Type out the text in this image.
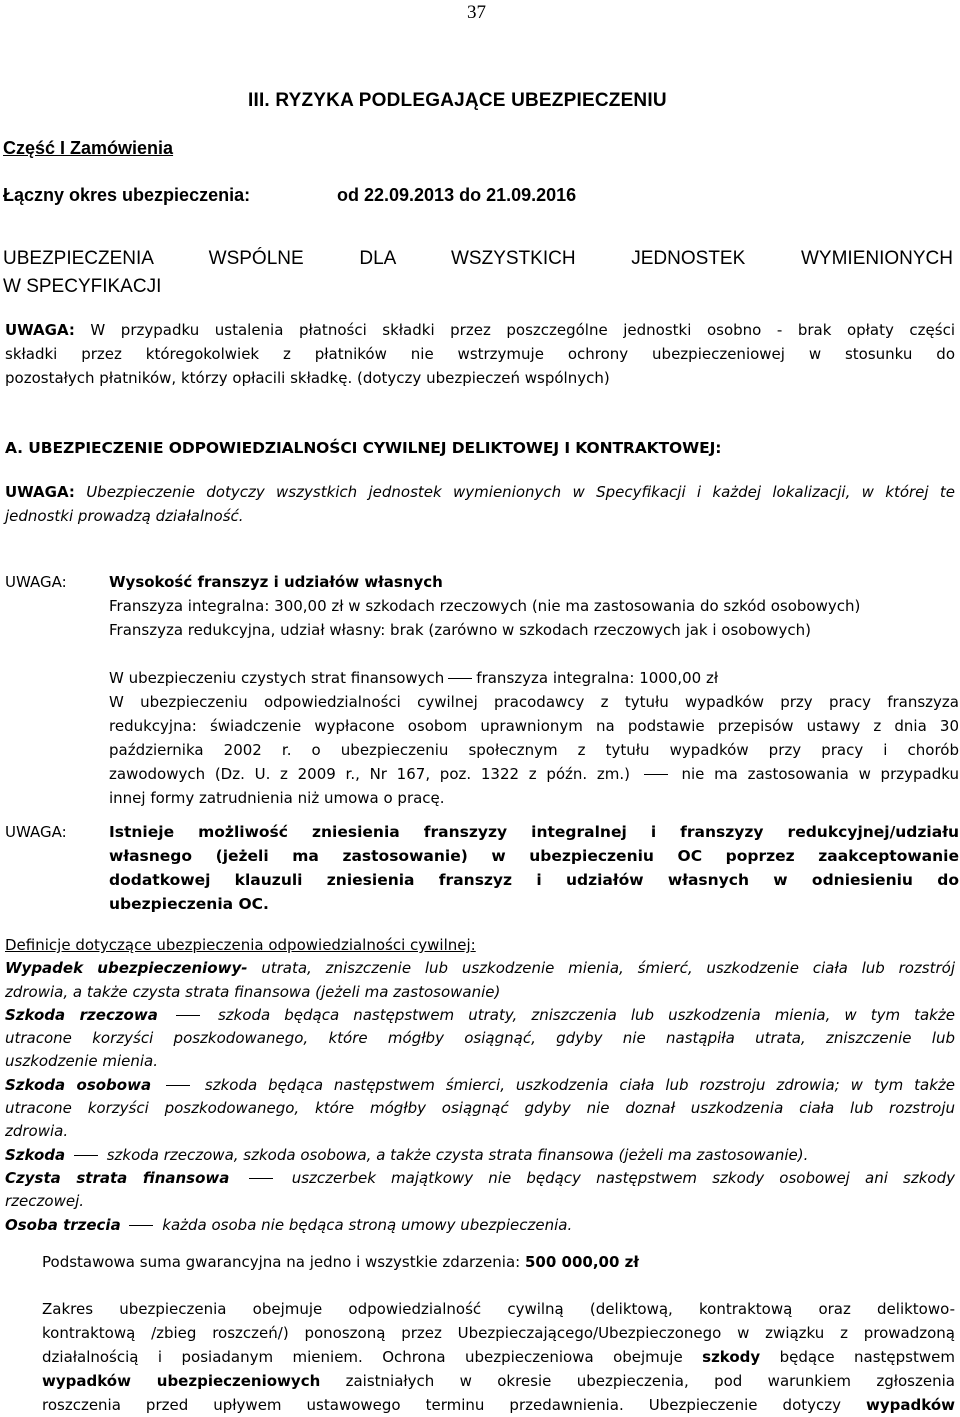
37
III. RYZYKA PODLEGAJĄCE UBEZPIECZENIU
Część I Zamówienia
Łączny okres ubezpieczenia:	od 22.09.2013 do 21.09.2016
UBEZPIECZENIA WSPÓLNE DLA WSZYSTKICH JEDNOSTEK WYMIENIONYCH
W SPECYFIKACJI
UWAGA: W przypadku ustalenia płatności składki przez poszczególne jednostki osobno - brak opłaty części
składki przez któregokolwiek z płatników nie wstrzymuje ochrony ubezpieczeniowej w stosunku do
pozostałych płatników, którzy opłacili składkę. (dotyczy ubezpieczeń wspólnych)
A. UBEZPIECZENIE ODPOWIEDZIALNOŚCI CYWILNEJ DELIKTOWEJ I KONTRAKTOWEJ:
UWAGA: Ubezpieczenie dotyczy wszystkich jednostek wymienionych w Specyfikacji i każdej lokalizacji, w której te
jednostki prowadzą działalność.
UWAGA:	Wysokość franszyz i udziałów własnych
Franszyza integralna: 300,00 zł w szkodach rzeczowych (nie ma zastosowania do szkód osobowych)
Franszyza redukcyjna, udział własny: brak (zarówno w szkodach rzeczowych jak i osobowych)
W ubezpieczeniu czystych strat finansowych franszyza integralna: 1000,00 zł
W ubezpieczeniu odpowiedzialności cywilnej pracodawcy z tytułu wypadków przy pracy franszyza
redukcyjna: świadczenie wypłacone osobom uprawnionym na podstawie przepisów ustawy z dnia 30
października 2002 r. o ubezpieczeniu społecznym z tytułu wypadków przy pracy i chorób
zawodowych (Dz. U. z 2009 r., Nr 167, poz. 1322 z późn. zm.)	nie ma zastosowania w przypadku
innej formy zatrudnienia niż umowa o pracę.
UWAGA:	Istnieje możliwość zniesienia franszyzy integralnej i franszyzy redukcyjnej/udziału
własnego (jeżeli ma zastosowanie) w ubezpieczeniu OC poprzez zaakceptowanie
dodatkowej klauzuli zniesienia franszyz i udziałów własnych w odniesieniu do
ubezpieczenia OC.
Definicje dotyczące ubezpieczenia odpowiedzialności cywilnej:
Wypadek ubezpieczeniowy- utrata, zniszczenie lub uszkodzenie mienia, śmierć, uszkodzenie ciała lub rozstrój
zdrowia, a także czysta strata finansowa (jeżeli ma zastosowanie)
Szkoda rzeczowa	szkoda będąca następstwem utraty, zniszczenia lub uszkodzenia mienia, w tym także
utracone korzyści poszkodowanego, które mógłby osiągnąć, gdyby nie nastąpiła utrata, zniszczenie lub
uszkodzenie mienia.
Szkoda osobowa	szkoda będąca następstwem śmierci, uszkodzenia ciała lub rozstroju zdrowia; w tym także
utracone korzyści poszkodowanego, które mógłby osiągnąć gdyby nie doznał uszkodzenia ciała lub rozstroju
zdrowia.
Szkoda	szkoda rzeczowa, szkoda osobowa, a także czysta strata finansowa (jeżeli ma zastosowanie).
Czysta strata finansowa	uszczerbek majątkowy nie będący następstwem szkody osobowej ani szkody
rzeczowej.
Osoba trzecia	każda osoba nie będąca stroną umowy ubezpieczenia.
Podstawowa suma gwarancyjna na jedno i wszystkie zdarzenia: 500 000,00 zł
Zakres ubezpieczenia obejmuje odpowiedzialność cywilną (deliktową, kontraktową oraz deliktowo-
kontraktową /zbieg roszczeń/) ponoszoną przez Ubezpieczającego/Ubezpieczonego w związku z prowadzoną
działalnością i posiadanym mieniem. Ochrona ubezpieczeniowa obejmuje szkody będące następstwem
wypadków ubezpieczeniowych zaistniałych w okresie ubezpieczenia, pod warunkiem zgłoszenia
roszczenia przed upływem ustawowego terminu przedawnienia. Ubezpieczenie dotyczy wypadków
